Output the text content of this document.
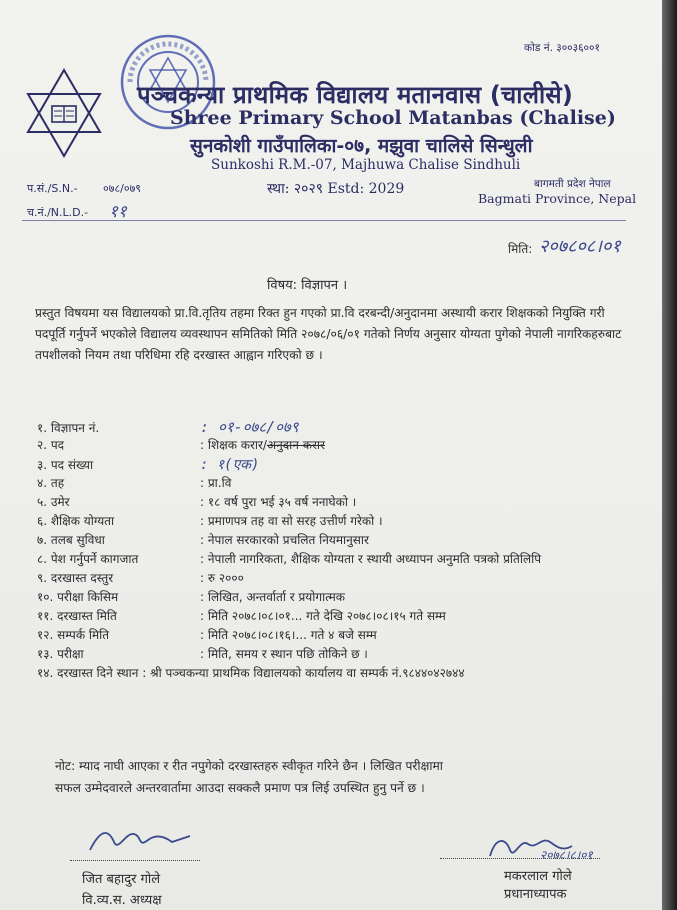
कोड नं. ३००३६००१
पञ्चकन्या प्राथमिक विद्यालय मतानवास (चालीसे)
Shree Primary School Matanbas (Chalise)
सुनकोशी गाउँपालिका-०७, मझुवा चालिसे सिन्धुली
Sunkoshi R.M.-07, Majhuwa Chalise Sindhuli
स्था: २०२९ Estd: 2029	बागमती प्रदेश नेपाल
Bagmati Province, Nepal
प.सं./S.N.- ०७८/०७९
च.नं./N.L.D.- ११
मिति: २०७८०८।०१
विषय: विज्ञापन ।
प्रस्तुत विषयमा यस विद्यालयको प्रा.वि.तृतिय तहमा रिक्त हुन गएको प्रा.वि दरबन्दी/अनुदानमा अस्थायी करार शिक्षकको नियुक्ति गरी पदपूर्ति गर्नुपर्ने भएकोले विद्यालय व्यवस्थापन समितिको मिति २०७८/०६/०१ गतेको निर्णय अनुसार योग्यता पुगेको नेपाली नागरिकहरुबाट तपशीलको नियम तथा परिधिमा रहि दरखास्त आह्वान गरिएको छ ।
१. विज्ञापन नं.	: ०१-०७८/०७९
२. पद	: शिक्षक करार/अनुदान करार
३. पद संख्या	: १(एक)
४. तह	: प्रा.वि
५. उमेर	: १८ वर्ष पुरा भई ३५ वर्ष ननाघेको ।
६. शैक्षिक योग्यता	: प्रमाणपत्र तह वा सो सरह उत्तीर्ण गरेको ।
७. तलब सुविधा	: नेपाल सरकारको प्रचलित नियमानुसार
८. पेश गर्नुपर्ने कागजात	: नेपाली नागरिकता, शैक्षिक योग्यता र स्थायी अध्यापन अनुमति पत्रको प्रतिलिपि
९. दरखास्त दस्तुर	: रु २०००
१०. परीक्षा किसिम	: लिखित, अन्तर्वार्ता र प्रयोगात्मक
११. दरखास्त मिति	: मिति २०७८।०८।०१... गते देखि २०७८।०८।१५ गते सम्म
१२. सम्पर्क मिति	: मिति २०७८।०८।१६।... गते ४ बजे सम्म
१३. परीक्षा	: मिति, समय र स्थान पछि तोकिने छ ।
१४. दरखास्त दिने स्थान : श्री पञ्चकन्या प्राथमिक विद्यालयको कार्यालय वा सम्पर्क नं.९८४४०४२७४४
नोट: म्याद नाघी आएका र रीत नपुगेको दरखास्तहरु स्वीकृत गरिने छैन । लिखित परीक्षामा
सफल उम्मेदवारले अन्तरवार्तामा आउदा सक्कलै प्रमाण पत्र लिई उपस्थित हुनु पर्ने छ ।
जित बहादुर गोले
वि.व्य.स. अध्यक्ष
२०७८।८।०१
मकरलाल गोले
प्रधानाध्यापक
